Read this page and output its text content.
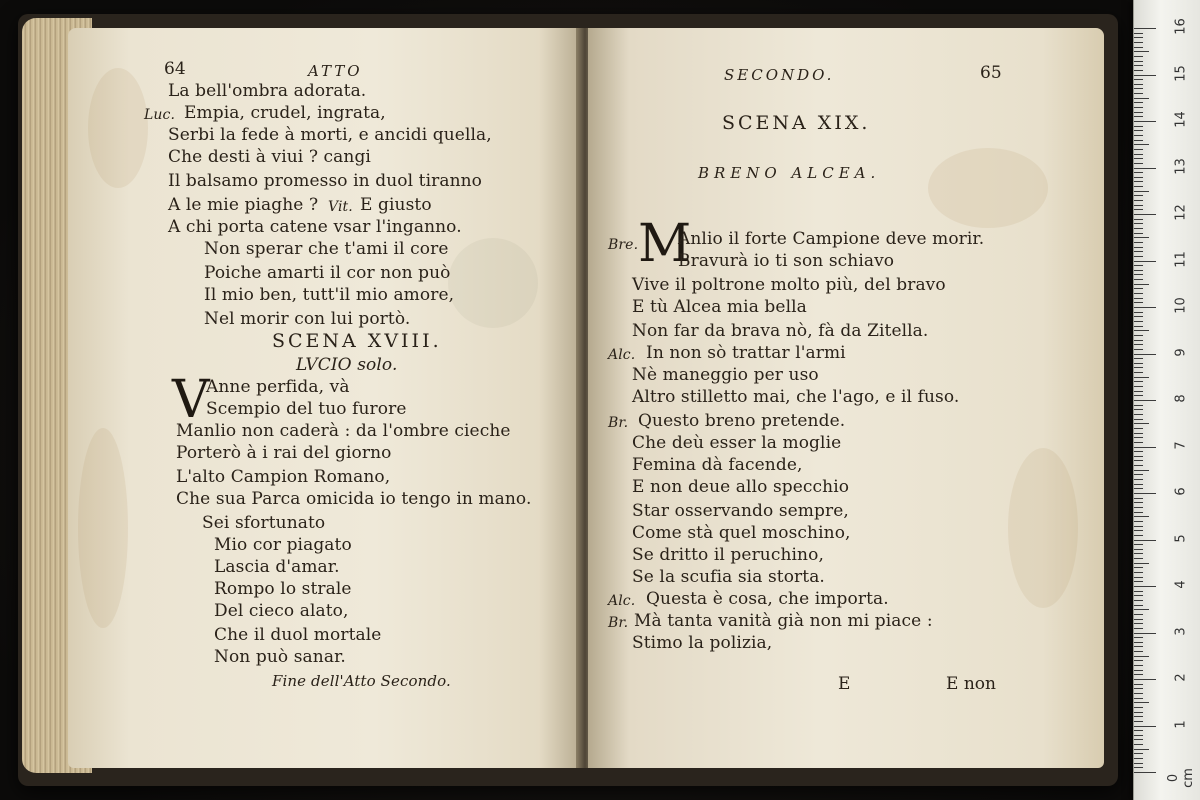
64	ATTO
La bell'ombra adorata.
Luc. Empia, crudel, ingrata,
Serbi la fede à morti, e ancidi quella,
Che desti à viui ? cangi
Il balsamo promesso in duol tiranno
A le mie piaghe ? Vit. E giusto
A chi porta catene vsar l'inganno.
Non sperar che t'ami il core
Poiche amarti il cor non può
Il mio ben, tutt'il mio amore,
Nel morir con lui portò.
SCENA XVIII.
LVCIO solo.
V
Anne perfida, và
Scempio del tuo furore
Manlio non caderà : da l'ombre cieche
Porterò à i rai del giorno
L'alto Campion Romano,
Che sua Parca omicida io tengo in mano.
Sei sfortunato
Mio cor piagato
Lascia d'amar.
Rompo lo strale
Del cieco alato,
Che il duol mortale
Non può sanar.
Fine dell'Atto Secondo.
SECONDO.	65
SCENA XIX.
BRENO ALCEA.
Bre. M
Anlio il forte Campione deve morir.
Bravurà io ti son schiavo
Vive il poltrone molto più, del bravo
E tù Alcea mia bella
Non far da brava nò, fà da Zitella.
Alc. In non sò trattar l'armi
Nè maneggio per uso
Altro stilletto mai, che l'ago, e il fuso.
Br. Questo breno pretende.
Che deù esser la moglie
Femina dà facende,
E non deue allo specchio
Star osservando sempre,
Come stà quel moschino,
Se dritto il peruchino,
Se la scufia sia storta.
Alc. Questa è cosa, che importa.
Br. Mà tanta vanità già non mi piace :
Stimo la polizia,
E	E non
16
15
14
13
12
11
10
9
8
7
6
5
4
3
2
1
0 cm
